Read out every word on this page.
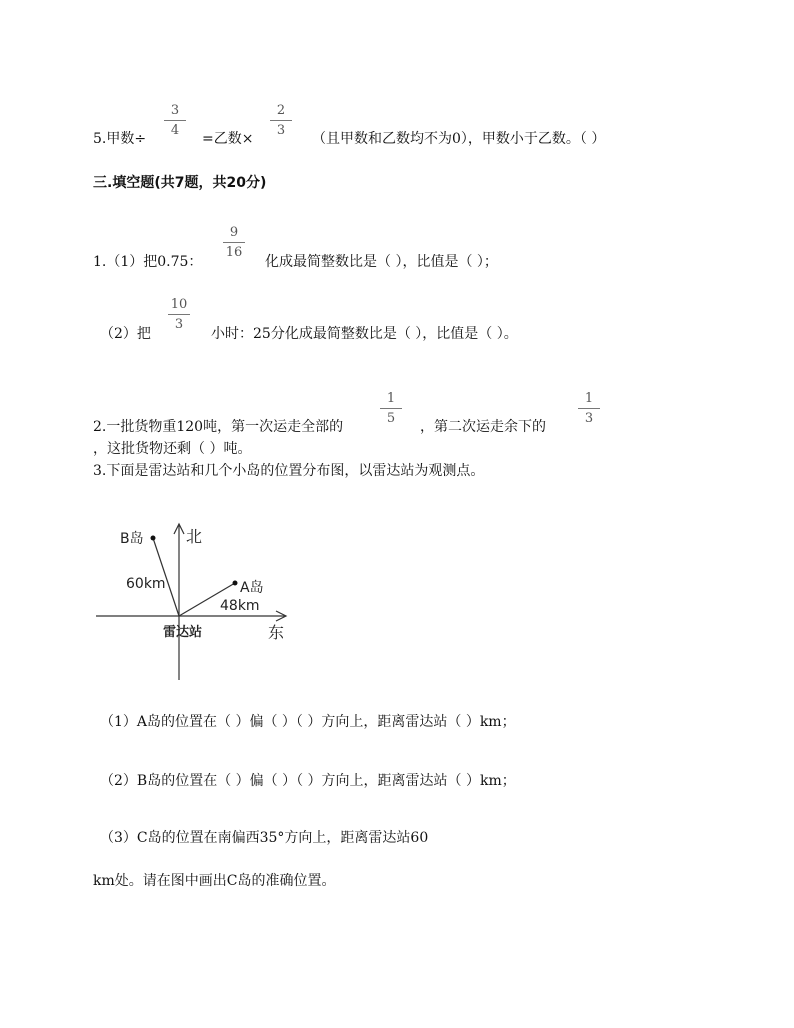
5.甲数÷
3
4
=乙数×
2
3
（且甲数和乙数均不为0），甲数小于乙数。（ ）
三.填空题(共7题，共20分)
1.（1）把0.75：
9
16
化成最简整数比是（ ），比值是（ ）；
（2）把
10
3
小时：25分化成最简整数比是（ ），比值是（ ）。
2.一批货物重120吨，第一次运走全部的
1
5
，第二次运走余下的
1
3
，这批货物还剩（ ）吨。
3.下面是雷达站和几个小岛的位置分布图，以雷达站为观测点。
北
东
B岛
60km	A岛
48km
雷达站
（1）A岛的位置在（ ）偏（ ）（ ）方向上，距离雷达站（ ）km；
（2）B岛的位置在（ ）偏（ ）（ ）方向上，距离雷达站（ ）km；
（3）C岛的位置在南偏西35°方向上，距离雷达站60
km处。请在图中画出C岛的准确位置。
